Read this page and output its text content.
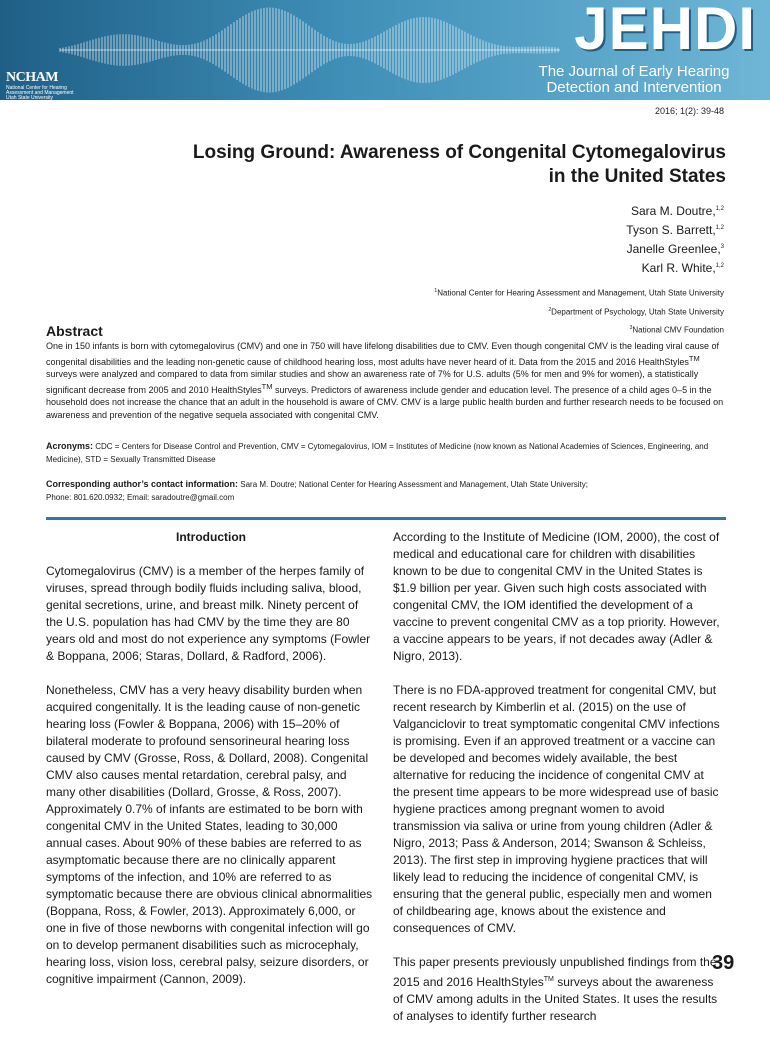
NCHAM
National Center for Hearing Assessment and Management Utah State University
JEHDI
The Journal of Early Hearing
Detection and Intervention
2016; 1(2): 39-48
Losing Ground: Awareness of Congenital Cytomegalovirus
in the United States
Sara M. Doutre,$^{1,2}$
Tyson S. Barrett,$^{1,2}$
Janelle Greenlee,$^3$
Karl R. White,$^{1,2}$
$^1$National Center for Hearing Assessment and Management, Utah State University
$^2$Department of Psychology, Utah State University
$^3$National CMV Foundation
Abstract

One in 150 infants is born with cytomegalovirus (CMV) and one in 750 will have lifelong disabilities due to CMV. Even though congenital CMV is the leading viral cause of congenital disabilities and the leading non-genetic cause of childhood hearing loss, most adults have never heard of it. Data from the 2015 and 2016 HealthStyles™ surveys were analyzed and compared to data from similar studies and show an awareness rate of 7% for U.S. adults (5% for men and 9% for women), a statistically significant decrease from 2005 and 2010 HealthStyles™ surveys. Predictors of awareness include gender and education level. The presence of a child ages 0–5 in the household does not increase the chance that an adult in the household is aware of CMV. CMV is a large public health burden and further research needs to be focused on awareness and prevention of the negative sequela associated with congenital CMV.

Acronyms: CDC = Centers for Disease Control and Prevention, CMV = Cytomegalovirus, IOM = Institutes of Medicine (now known as National Academies of Sciences, Engineering, and Medicine), STD = Sexually Transmitted Disease

Corresponding author’s contact information: Sara M. Doutre; National Center for Hearing Assessment and Management, Utah State University;
Phone: 801.620.0932; Email: saradoutre@gmail.com

Introduction

Cytomegalovirus (CMV) is a member of the herpes family of viruses, spread through bodily fluids including saliva, blood, genital secretions, urine, and breast milk. Ninety percent of the U.S. population has had CMV by the time they are 80 years old and most do not experience any symptoms (Fowler & Boppana, 2006; Staras, Dollard, & Radford, 2006).

Nonetheless, CMV has a very heavy disability burden when acquired congenitally. It is the leading cause of non-genetic hearing loss (Fowler & Boppana, 2006) with 15–20% of bilateral moderate to profound sensorineural hearing loss caused by CMV (Grosse, Ross, & Dollard, 2008). Congenital CMV also causes mental retardation, cerebral palsy, and many other disabilities (Dollard, Grosse, & Ross, 2007). Approximately 0.7% of infants are estimated to be born with congenital CMV in the United States, leading to 30,000 annual cases. About 90% of these babies are referred to as asymptomatic because there are no clinically apparent symptoms of the infection, and 10% are referred to as symptomatic because there are obvious clinical abnormalities (Boppana, Ross, & Fowler, 2013). Approximately 6,000, or one in five of those newborns with congenital infection will go on to develop permanent disabilities such as microcephaly, hearing loss, vision loss, cerebral palsy, seizure disorders, or cognitive impairment (Cannon, 2009).

According to the Institute of Medicine (IOM, 2000), the cost of medical and educational care for children with disabilities known to be due to congenital CMV in the United States is $1.9 billion per year. Given such high costs associated with congenital CMV, the IOM identified the development of a vaccine to prevent congenital CMV as a top priority. However, a vaccine appears to be years, if not decades away (Adler & Nigro, 2013).

There is no FDA-approved treatment for congenital CMV, but recent research by Kimberlin et al. (2015) on the use of Valganciclovir to treat symptomatic congenital CMV infections is promising. Even if an approved treatment or a vaccine can be developed and becomes widely available, the best alternative for reducing the incidence of congenital CMV at the present time appears to be more widespread use of basic hygiene practices among pregnant women to avoid transmission via saliva or urine from young children (Adler & Nigro, 2013; Pass & Anderson, 2014; Swanson & Schleiss, 2013). The first step in improving hygiene practices that will likely lead to reducing the incidence of congenital CMV, is ensuring that the general public, especially men and women of childbearing age, knows about the existence and consequences of CMV.

This paper presents previously unpublished findings from the 2015 and 2016 HealthStyles™ surveys about the awareness of CMV among adults in the United States. It uses the results of analyses to identify further research

39
